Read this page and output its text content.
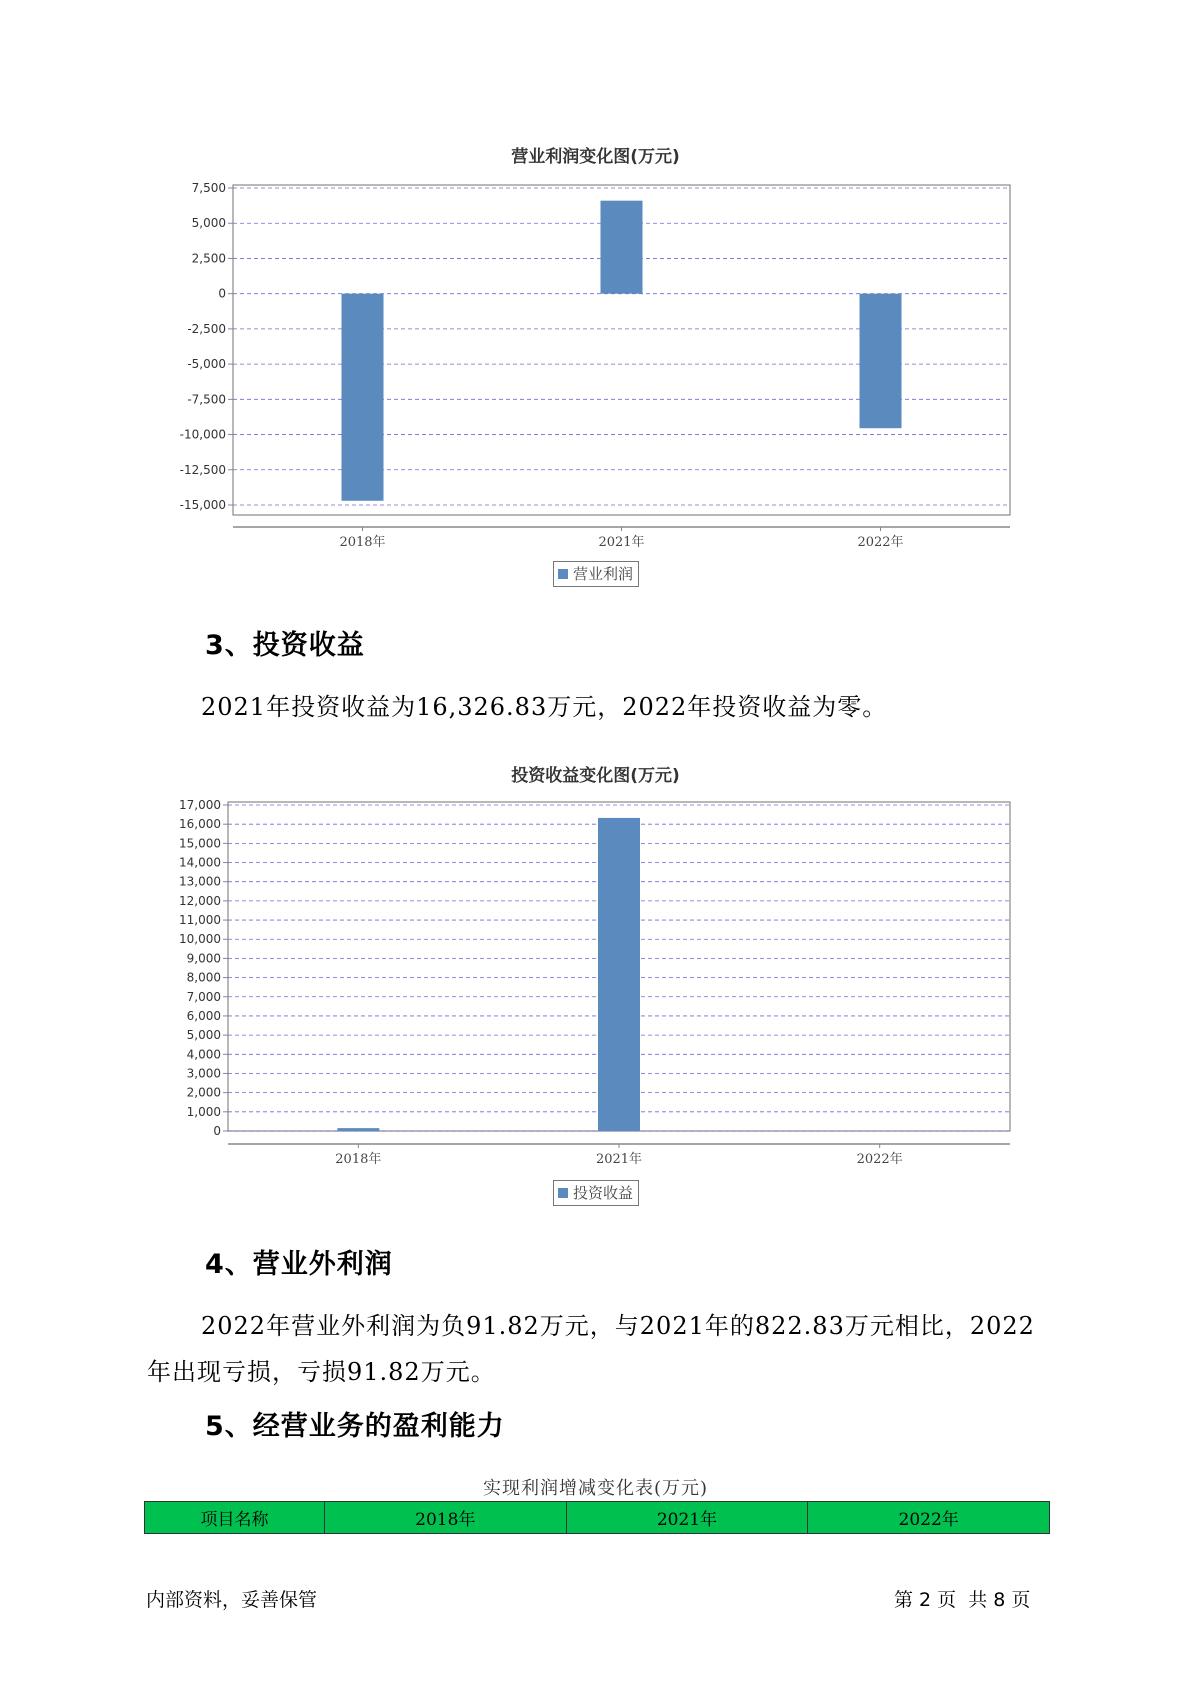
营业利润变化图(万元)
7,500
5,000
2,500
0
-2,500
-5,000
-7,500
-10,000
-12,500
-15,000
2018年	2021年	2022年
营业利润
3、投资收益
2021年投资收益为16,326.83万元，2022年投资收益为零。
投资收益变化图(万元)
17,000
16,000
15,000
14,000
13,000
12,000
11,000
10,000
9,000
8,000
7,000
6,000
5,000
4,000
3,000
2,000
1,000
0
2018年	2021年	2022年
投资收益
4、营业外利润
2022年营业外利润为负91.82万元，与2021年的822.83万元相比，2022
年出现亏损，亏损91.82万元。
5、经营业务的盈利能力
实现利润增减变化表(万元)
项目名称	2018年	2021年	2022年
内部资料，妥善保管	第 2 页  共 8 页
